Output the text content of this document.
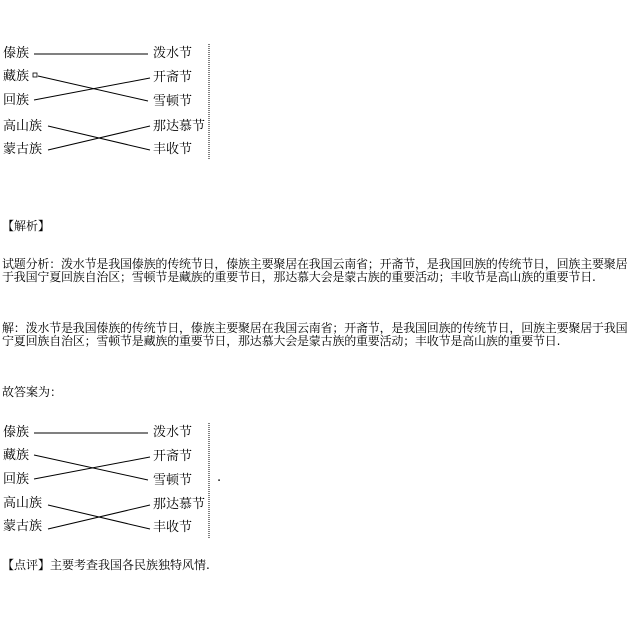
傣族
藏族
回族
高山族
蒙古族
泼水节
开斋节
雪顿节
那达慕节
丰收节
【解析】
试题分析：泼水节是我国傣族的传统节日，傣族主要聚居在我国云南省；开斋节，是我国回族的传统节日，回族主要聚居于我国宁夏回族自治区；雪顿节是藏族的重要节日，那达慕大会是蒙古族的重要活动；丰收节是高山族的重要节日.
解：泼水节是我国傣族的传统节日，傣族主要聚居在我国云南省；开斋节，是我国回族的传统节日，回族主要聚居于我国宁夏回族自治区；雪顿节是藏族的重要节日，那达慕大会是蒙古族的重要活动；丰收节是高山族的重要节日.
故答案为：
傣族
藏族
回族
高山族
蒙古族
泼水节
开斋节
雪顿节
那达慕节
丰收节
.
【点评】主要考查我国各民族独特风情.
